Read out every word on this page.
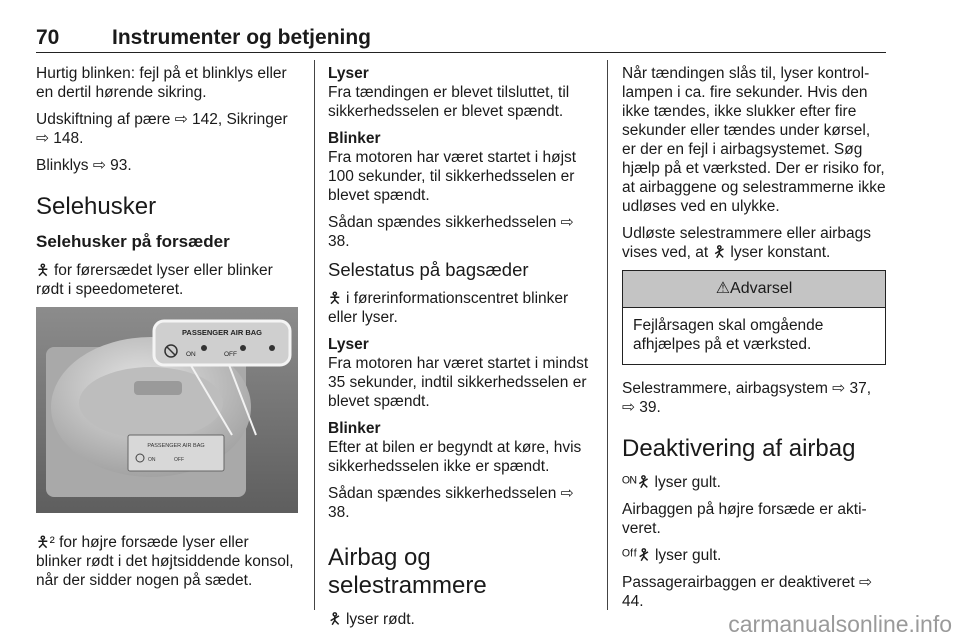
70	Instrumenter og betjening

Hurtig blinken: fejl på et blinklys eller en dertil hørende sikring.

Udskiftning af pære ⇨ 142, Sikringer ⇨ 148.

Blinklys ⇨ 93.

Selehusker
Selehusker på forsæder

🯅 for førersædet lyser eller blinker rødt i speedometeret.

PASSENGER AIR BAG
ON	OFF
PASSENGER AIR BAG
ON	OFF

🯅² for højre forsæde lyser eller blinker rødt i det højtsiddende konsol, når der sidder nogen på sædet.

Lyser
Fra tændingen er blevet tilsluttet, til sikkerhedsselen er blevet spændt.

Blinker
Fra motoren har været startet i højst 100 sekunder, til sikkerhedsselen er blevet spændt.

Sådan spændes sikkerhedsselen ⇨ 38.

Selestatus på bagsæder

🯅 i førerinformationscentret blinker eller lyser.

Lyser
Fra motoren har været startet i mindst 35 sekunder, indtil sikkerhedsselen er blevet spændt.

Blinker
Efter at bilen er begyndt at køre, hvis sikkerhedsselen ikke er spændt.

Sådan spændes sikkerhedsselen ⇨ 38.

Airbag og selestrammere

🯇 lyser rødt.

Når tændingen slås til, lyser kontrol-lampen i ca. fire sekunder. Hvis den ikke tændes, ikke slukker efter fire sekunder eller tændes under kørsel, er der en fejl i airbagsystemet. Søg hjælp på et værksted. Der er risiko for, at airbaggene og selestrammerne ikke udløses ved en ulykke.

Udløste selestrammere eller airbags vises ved, at 🯇 lyser konstant.

⚠Advarsel
Fejlårsagen skal omgående afhjælpes på et værksted.

Selestrammere, airbagsystem ⇨ 37, ⇨ 39.

Deaktivering af airbag

ᴼᴺ🯇 lyser gult.

Airbaggen på højre forsæde er akti-veret.

ᴼᶠᶠ🯇 lyser gult.

Passagerairbaggen er deaktiveret ⇨ 44.

carmanualsonline.info
